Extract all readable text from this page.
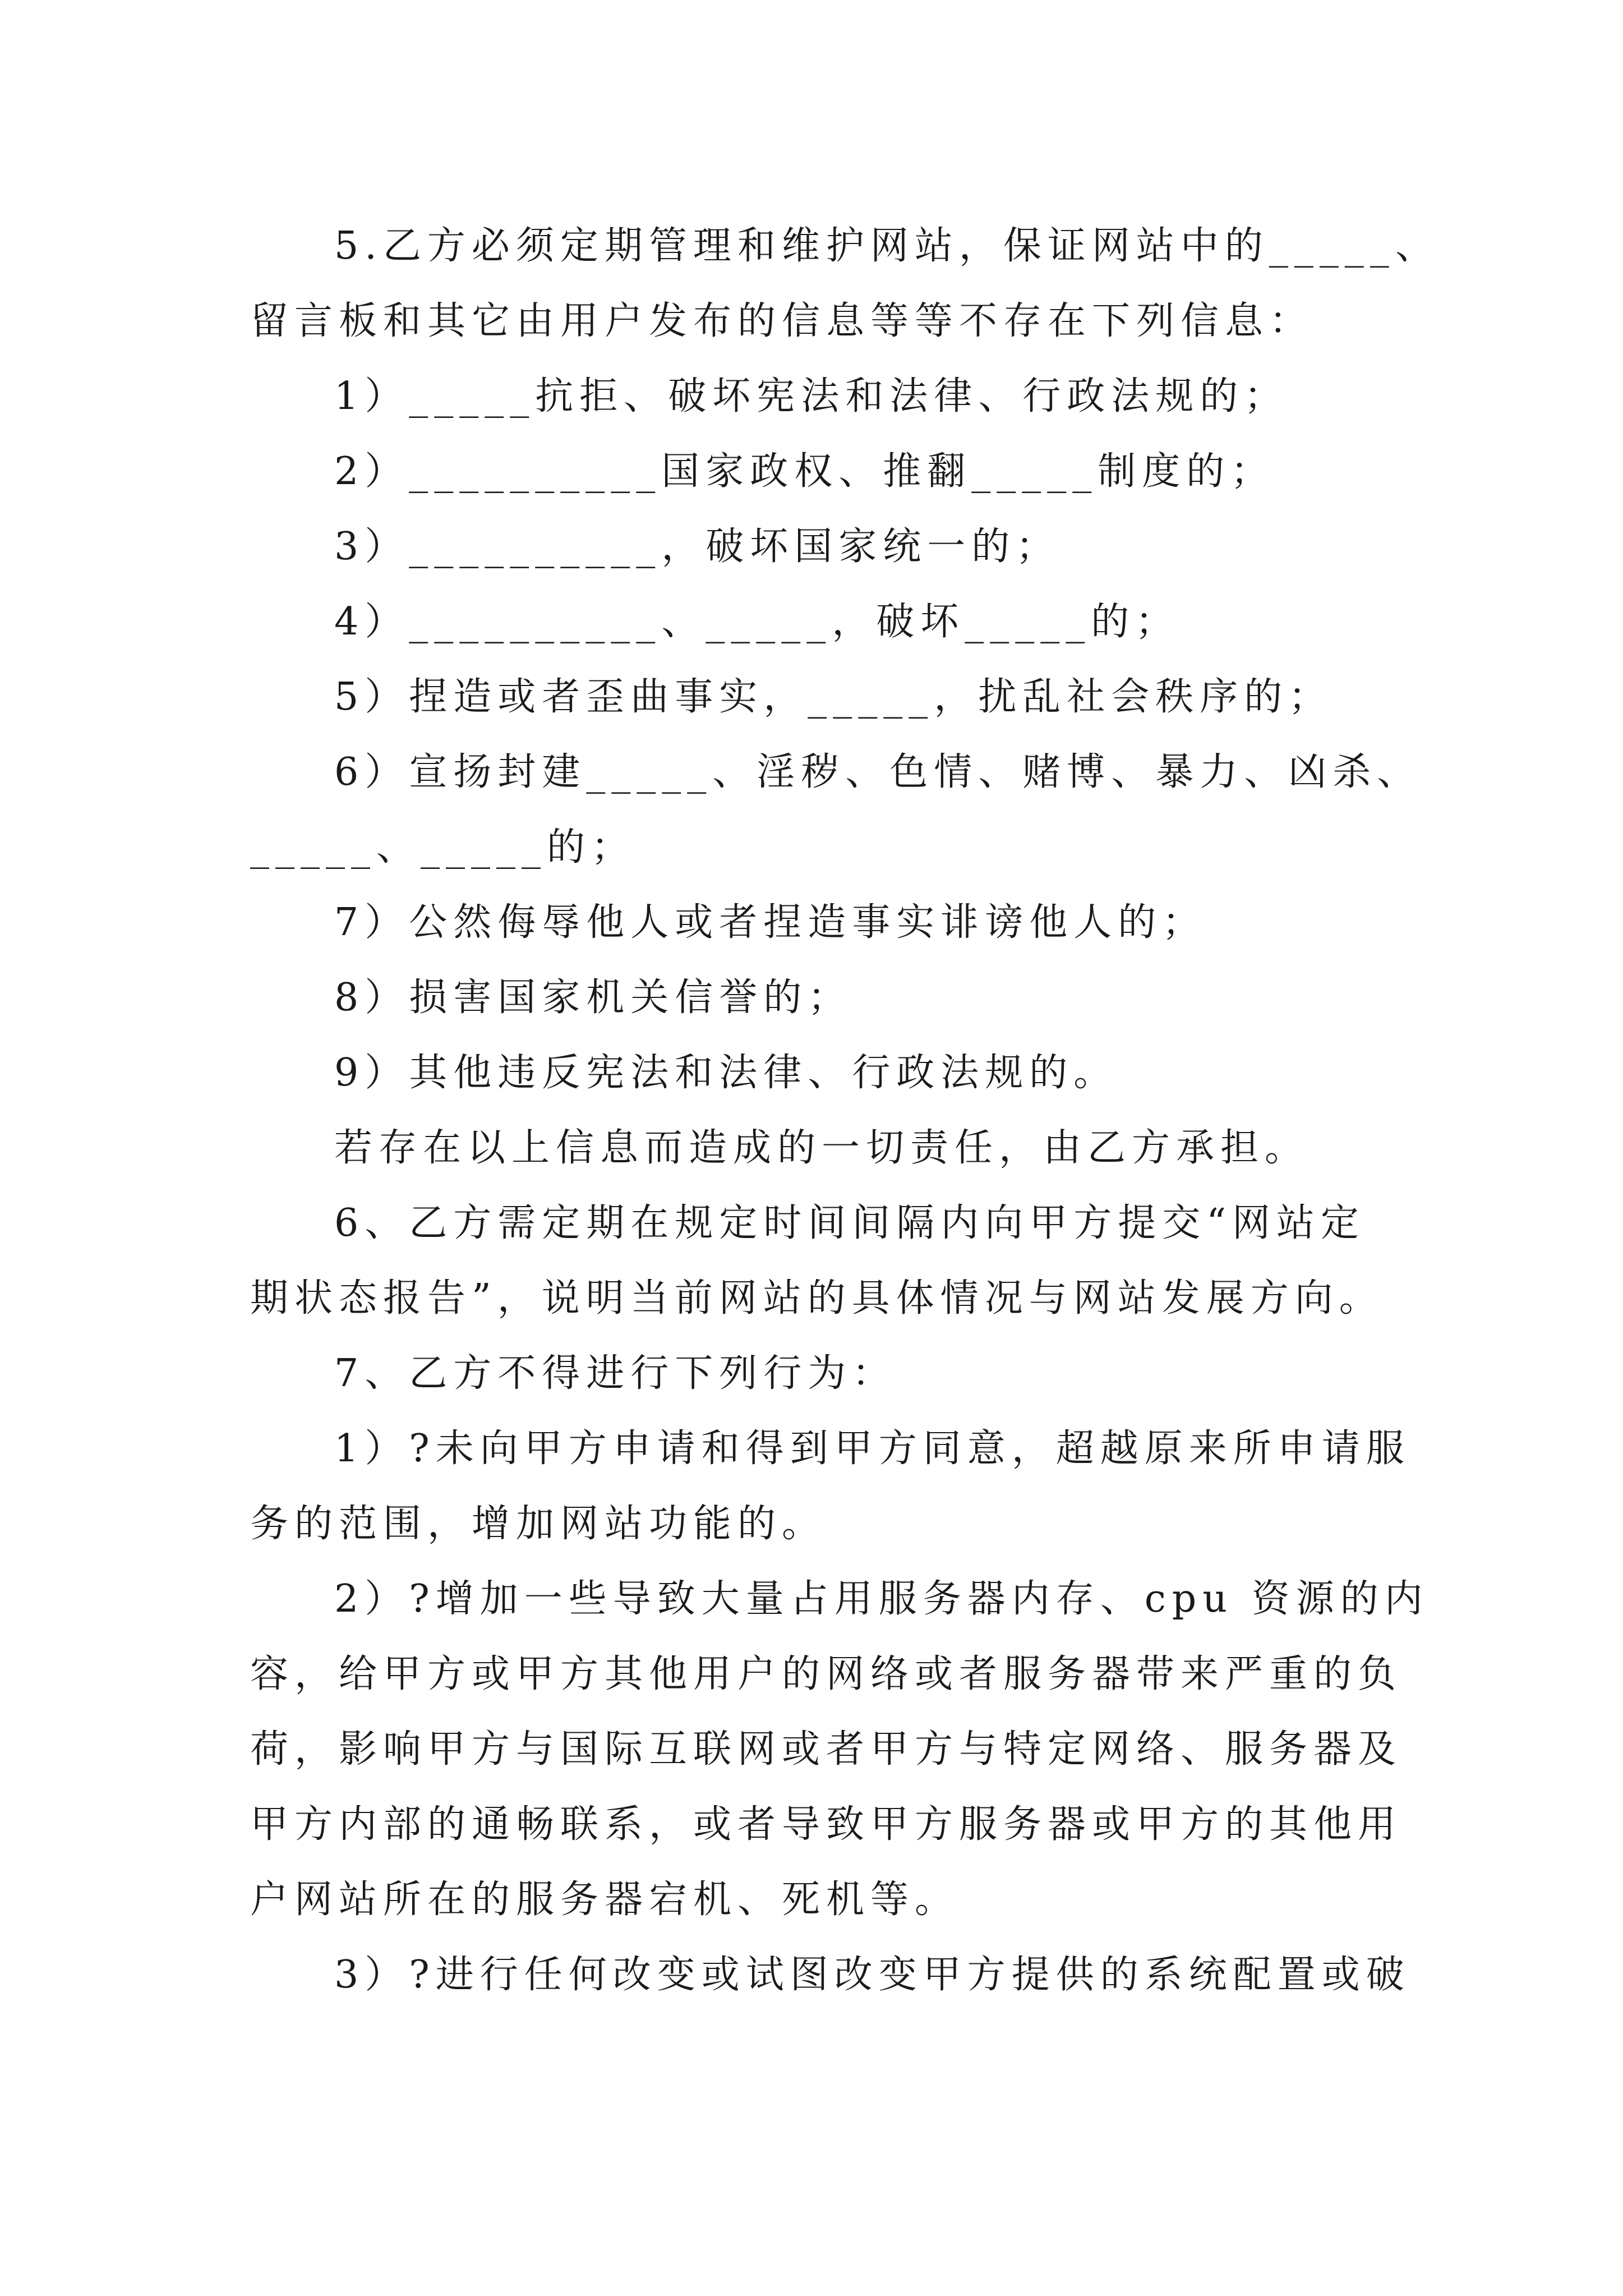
5.乙方必须定期管理和维护网站，保证网站中的_____、

留言板和其它由用户发布的信息等等不存在下列信息：

1）_____抗拒、破坏宪法和法律、行政法规的；

2）__________国家政权、推翻_____制度的；

3）__________，破坏国家统一的；

4）__________、_____，破坏_____的；

5）捏造或者歪曲事实，_____，扰乱社会秩序的；

6）宣扬封建_____、淫秽、色情、赌博、暴力、凶杀、

_____、_____的；

7）公然侮辱他人或者捏造事实诽谤他人的；

8）损害国家机关信誉的；

9）其他违反宪法和法律、行政法规的。

若存在以上信息而造成的一切责任，由乙方承担。

6、乙方需定期在规定时间间隔内向甲方提交“网站定

期状态报告”，说明当前网站的具体情况与网站发展方向。

7、乙方不得进行下列行为：

1）?未向甲方申请和得到甲方同意，超越原来所申请服

务的范围，增加网站功能的。

2）?增加一些导致大量占用服务器内存、cpu 资源的内

容，给甲方或甲方其他用户的网络或者服务器带来严重的负

荷，影响甲方与国际互联网或者甲方与特定网络、服务器及

甲方内部的通畅联系，或者导致甲方服务器或甲方的其他用

户网站所在的服务器宕机、死机等。

3）?进行任何改变或试图改变甲方提供的系统配置或破
